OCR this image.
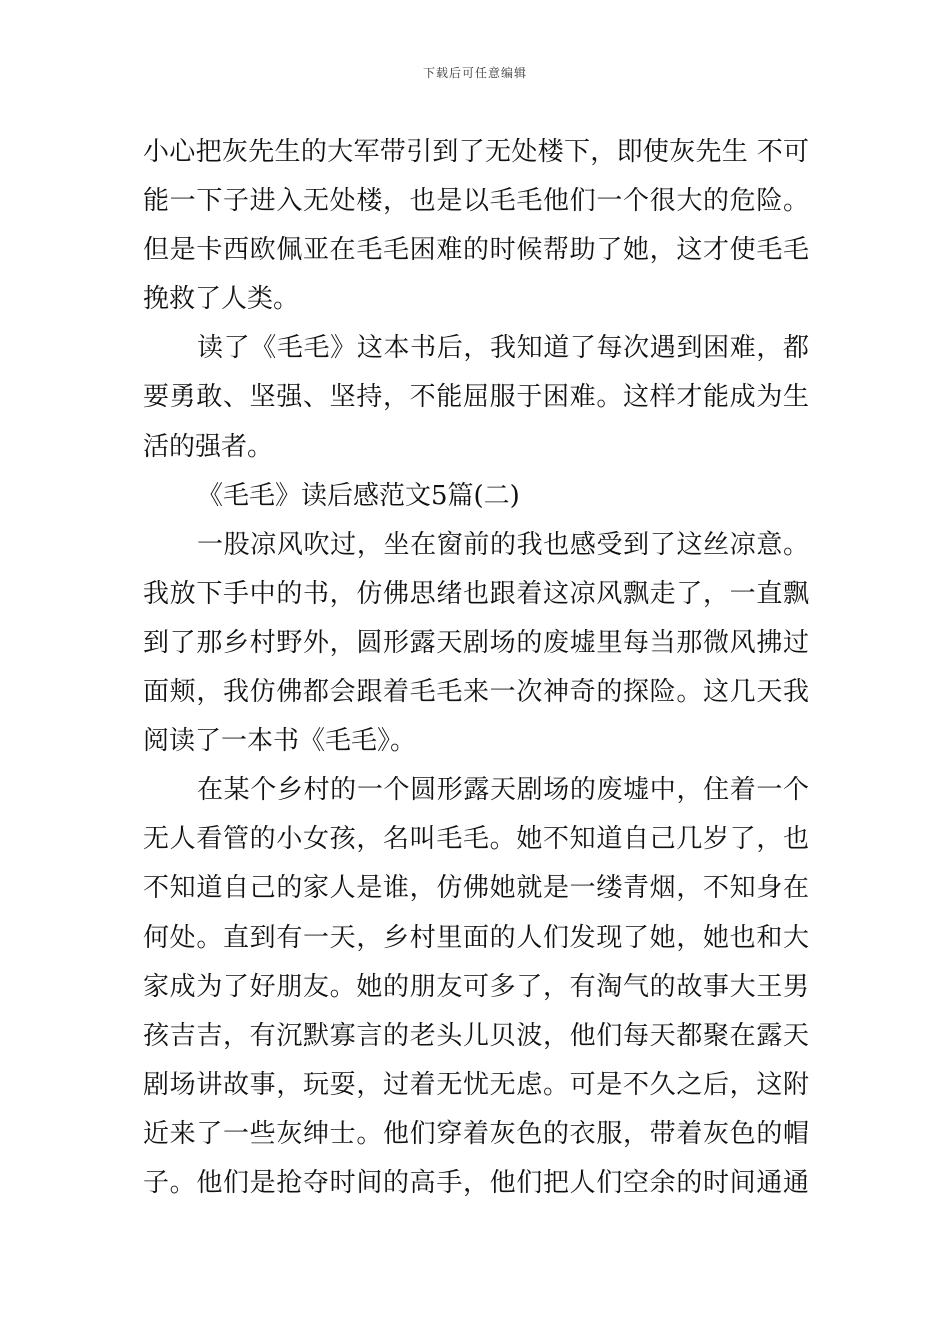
下载后可任意编辑
小心把灰先生的大军带引到了无处楼下，即使灰先生 不可
能一下子进入无处楼，也是以毛毛他们一个很大的危险。
但是卡西欧佩亚在毛毛困难的时候帮助了她，这才使毛毛
挽救了人类。
读了《毛毛》这本书后，我知道了每次遇到困难，都
要勇敢、坚强、坚持，不能屈服于困难。这样才能成为生
活的强者。
《毛毛》读后感范文5篇(二)
一股凉风吹过，坐在窗前的我也感受到了这丝凉意。
我放下手中的书，仿佛思绪也跟着这凉风飘走了，一直飘
到了那乡村野外，圆形露天剧场的废墟里每当那微风拂过
面颊，我仿佛都会跟着毛毛来一次神奇的探险。这几天我
阅读了一本书《毛毛》。
在某个乡村的一个圆形露天剧场的废墟中，住着一个
无人看管的小女孩，名叫毛毛。她不知道自己几岁了，也
不知道自己的家人是谁，仿佛她就是一缕青烟，不知身在
何处。直到有一天，乡村里面的人们发现了她，她也和大
家成为了好朋友。她的朋友可多了，有淘气的故事大王男
孩吉吉，有沉默寡言的老头儿贝波，他们每天都聚在露天
剧场讲故事，玩耍，过着无忧无虑。可是不久之后，这附
近来了一些灰绅士。他们穿着灰色的衣服，带着灰色的帽
子。他们是抢夺时间的高手，他们把人们空余的时间通通
